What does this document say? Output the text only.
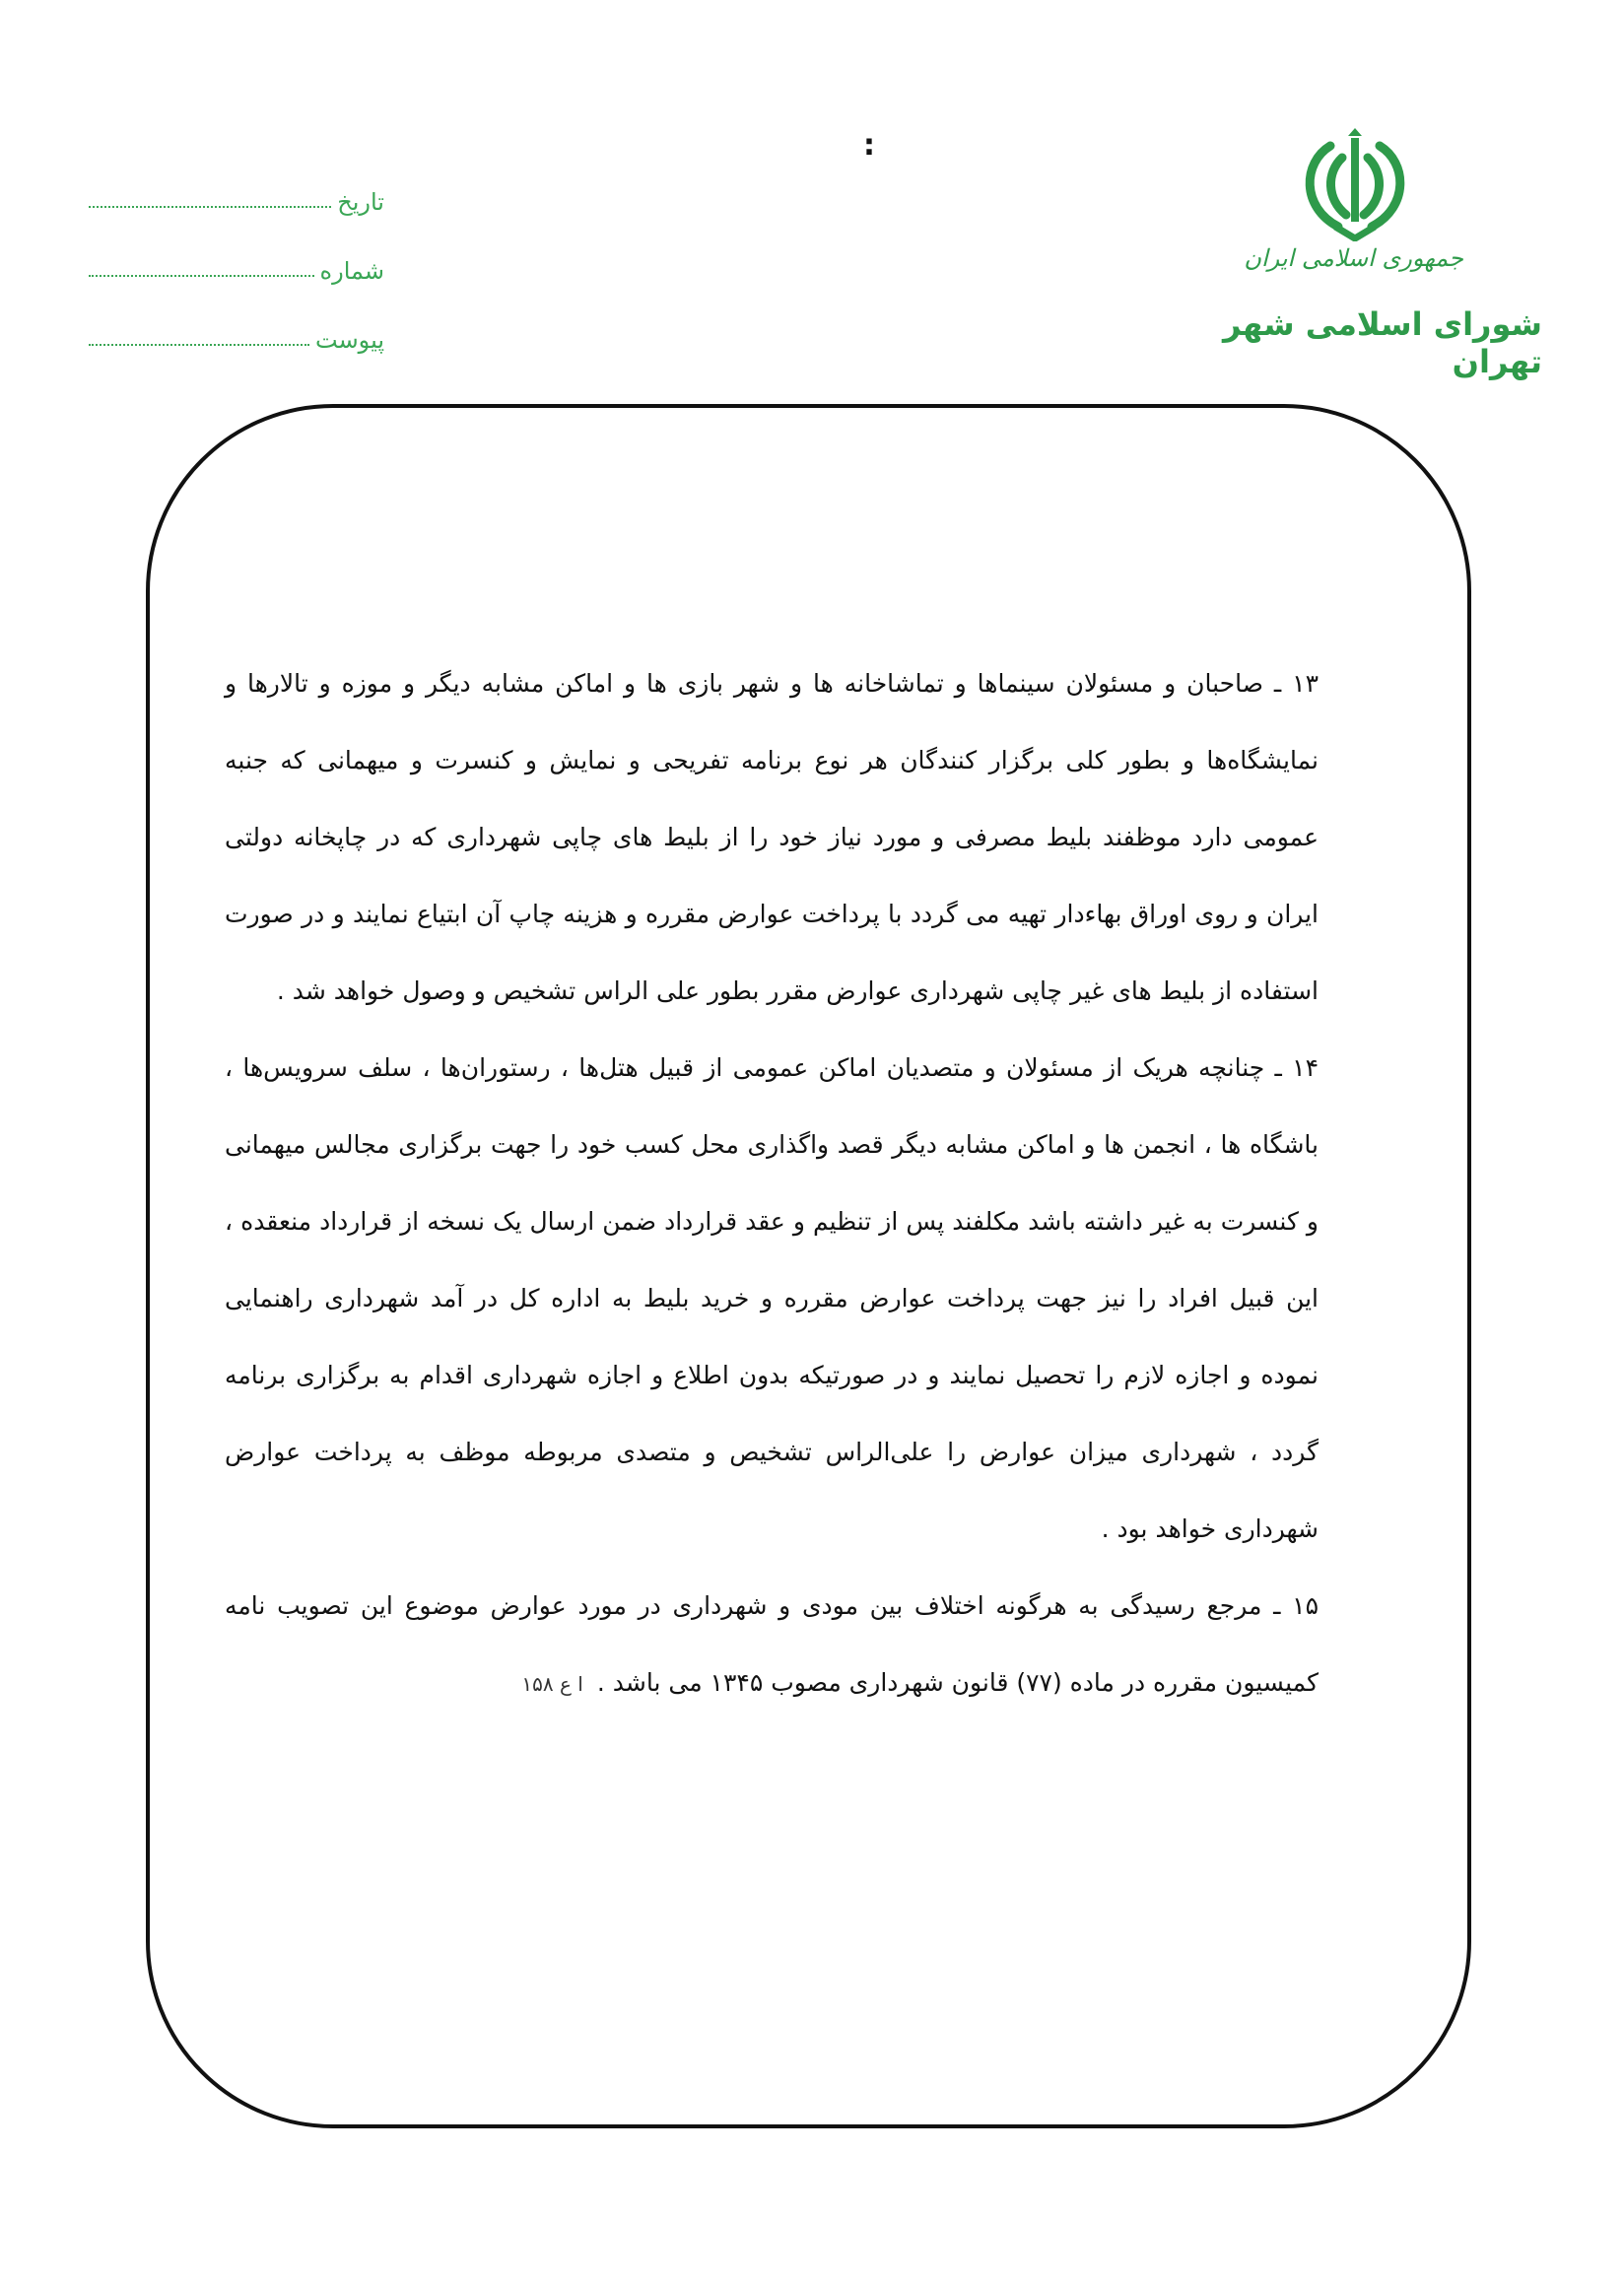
تاریخ
شماره
پیوست
:
جمهوری اسلامی ایران
شورای اسلامی شهر تهران

۱۳ ـ صاحبان و مسئولان سینماها و تماشاخانه ها و شهر بازی ها و اماکن مشابه دیگر و موزه و تالارها و نمایشگاه‌ها و بطور کلی برگزار کنندگان هر نوع برنامه تفریحی و نمایش و کنسرت و میهمانی که جنبه عمومی دارد موظفند بلیط مصرفی و مورد نیاز خود را از بلیط های چاپی شهرداری که در چاپخانه دولتی ایران و روی اوراق بهاء‌دار تهیه می گردد با پرداخت عوارض مقرره و هزینه چاپ آن ابتیاع نمایند و در صورت استفاده از بلیط های غیر چاپی شهرداری عوارض مقرر بطور علی الراس تشخیص و وصول خواهد شد .

۱۴ ـ چنانچه هریک از مسئولان و متصدیان اماکن عمومی از قبیل هتل‌ها ، رستوران‌ها ، سلف سرویس‌ها ، باشگاه ها ، انجمن ها و اماکن مشابه دیگر قصد واگذاری محل کسب خود را جهت برگزاری مجالس میهمانی و کنسرت به غیر داشته باشد مکلفند پس از تنظیم و عقد قرارداد ضمن ارسال یک نسخه از قرارداد منعقده ، این قبیل افراد را نیز جهت پرداخت عوارض مقرره و خرید بلیط به اداره کل در آمد شهرداری راهنمایی نموده و اجازه لازم را تحصیل نمایند و در صورتیکه بدون اطلاع و اجازه شهرداری اقدام به برگزاری برنامه گردد ، شهرداری میزان عوارض را علی‌الراس تشخیص و متصدی مربوطه موظف به پرداخت عوارض شهرداری خواهد بود .

۱۵ ـ مرجع رسیدگی به هرگونه اختلاف بین مودی و شهرداری در مورد عوارض موضوع این تصویب نامه کمیسیون مقرره در ماده (۷۷) قانون شهرداری مصوب ۱۳۴۵ می باشد .ا ع ۱۵۸
